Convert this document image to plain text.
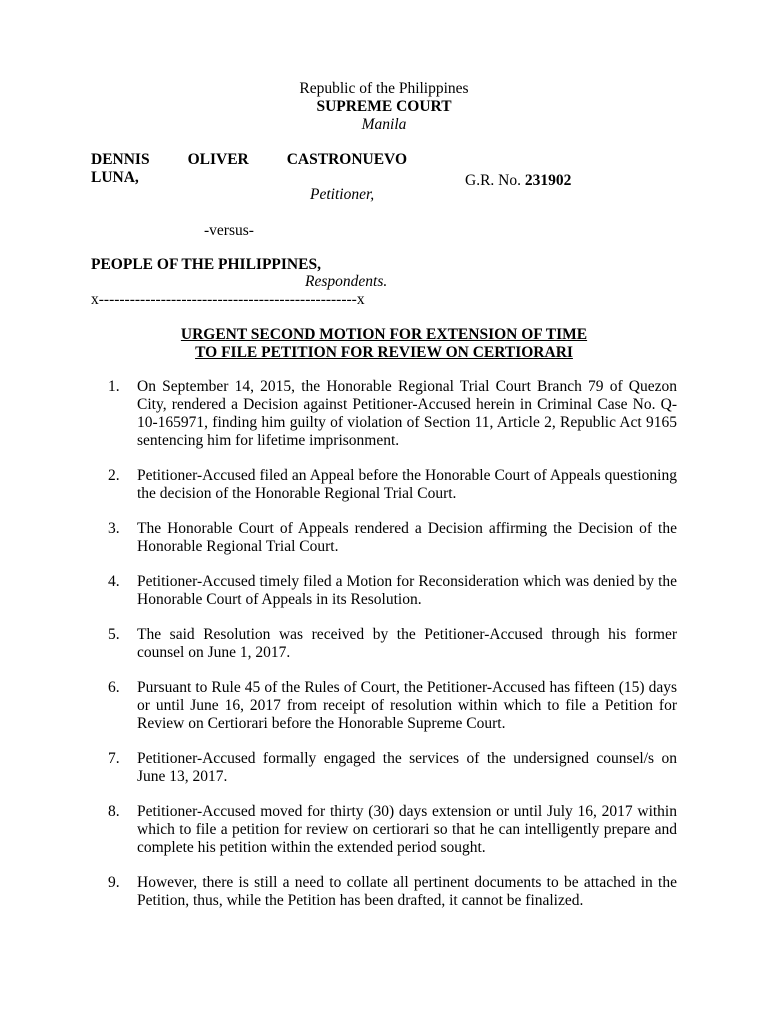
Republic of the Philippines
SUPREME COURT
Manila
DENNIS OLIVER CASTRONUEVO
LUNA,
Petitioner,
G.R. No. 231902
-versus-
PEOPLE OF THE PHILIPPINES,
Respondents.
x--------------------------------------------------x
URGENT SECOND MOTION FOR EXTENSION OF TIME
TO FILE PETITION FOR REVIEW ON CERTIORARI
1.	On September 14, 2015, the Honorable Regional Trial Court Branch 79 of Quezon City, rendered a Decision against Petitioner-Accused herein in Criminal Case No. Q-10-165971, finding him guilty of violation of Section 11, Article 2, Republic Act 9165 sentencing him for lifetime imprisonment.
2.	Petitioner-Accused filed an Appeal before the Honorable Court of Appeals questioning the decision of the Honorable Regional Trial Court.
3.	The Honorable Court of Appeals rendered a Decision affirming the Decision of the Honorable Regional Trial Court.
4.	Petitioner-Accused timely filed a Motion for Reconsideration which was denied by the Honorable Court of Appeals in its Resolution.
5.	The said Resolution was received by the Petitioner-Accused through his former counsel on June 1, 2017.
6.	Pursuant to Rule 45 of the Rules of Court, the Petitioner-Accused has fifteen (15) days or until June 16, 2017 from receipt of resolution within which to file a Petition for Review on Certiorari before the Honorable Supreme Court.
7.	Petitioner-Accused formally engaged the services of the undersigned counsel/s on June 13, 2017.
8.	Petitioner-Accused moved for thirty (30) days extension or until July 16, 2017 within which to file a petition for review on certiorari so that he can intelligently prepare and complete his petition within the extended period sought.
9.	However, there is still a need to collate all pertinent documents to be attached in the Petition, thus, while the Petition has been drafted, it cannot be finalized.
